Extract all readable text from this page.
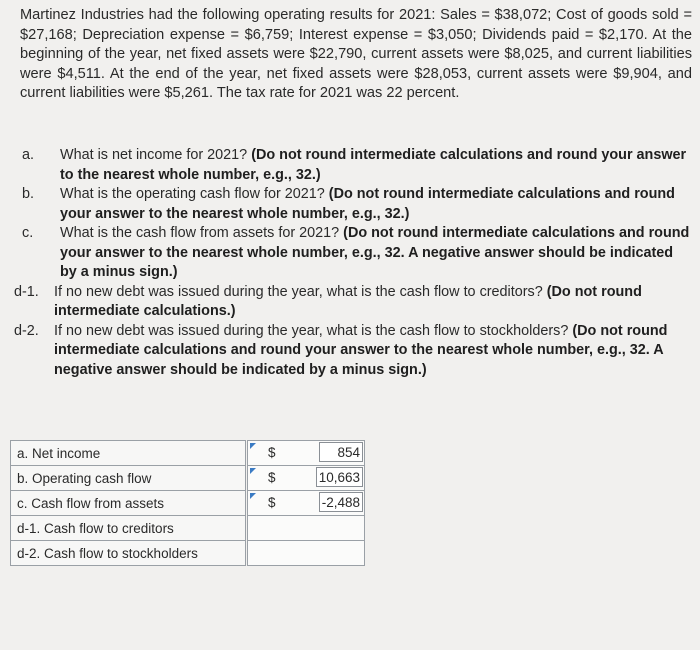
Martinez Industries had the following operating results for 2021: Sales = $38,072; Cost of goods sold = $27,168; Depreciation expense = $6,759; Interest expense = $3,050; Dividends paid = $2,170. At the beginning of the year, net fixed assets were $22,790, current assets were $8,025, and current liabilities were $4,511. At the end of the year, net fixed assets were $28,053, current assets were $9,904, and current liabilities were $5,261. The tax rate for 2021 was 22 percent.
a.	What is net income for 2021? (Do not round intermediate calculations and round your answer to the nearest whole number, e.g., 32.)
b.	What is the operating cash flow for 2021? (Do not round intermediate calculations and round your answer to the nearest whole number, e.g., 32.)
c.	What is the cash flow from assets for 2021? (Do not round intermediate calculations and round your answer to the nearest whole number, e.g., 32. A negative answer should be indicated by a minus sign.)
d-1.	If no new debt was issued during the year, what is the cash flow to creditors? (Do not round intermediate calculations.)
d-2.	If no new debt was issued during the year, what is the cash flow to stockholders? (Do not round intermediate calculations and round your answer to the nearest whole number, e.g., 32. A negative answer should be indicated by a minus sign.)
a. Net income		$ 854

b. Operating cash flow		$ 10,663

c. Cash flow from assets		$ -2,488

d-1. Cash flow to creditors		

d-2. Cash flow to stockholders		
